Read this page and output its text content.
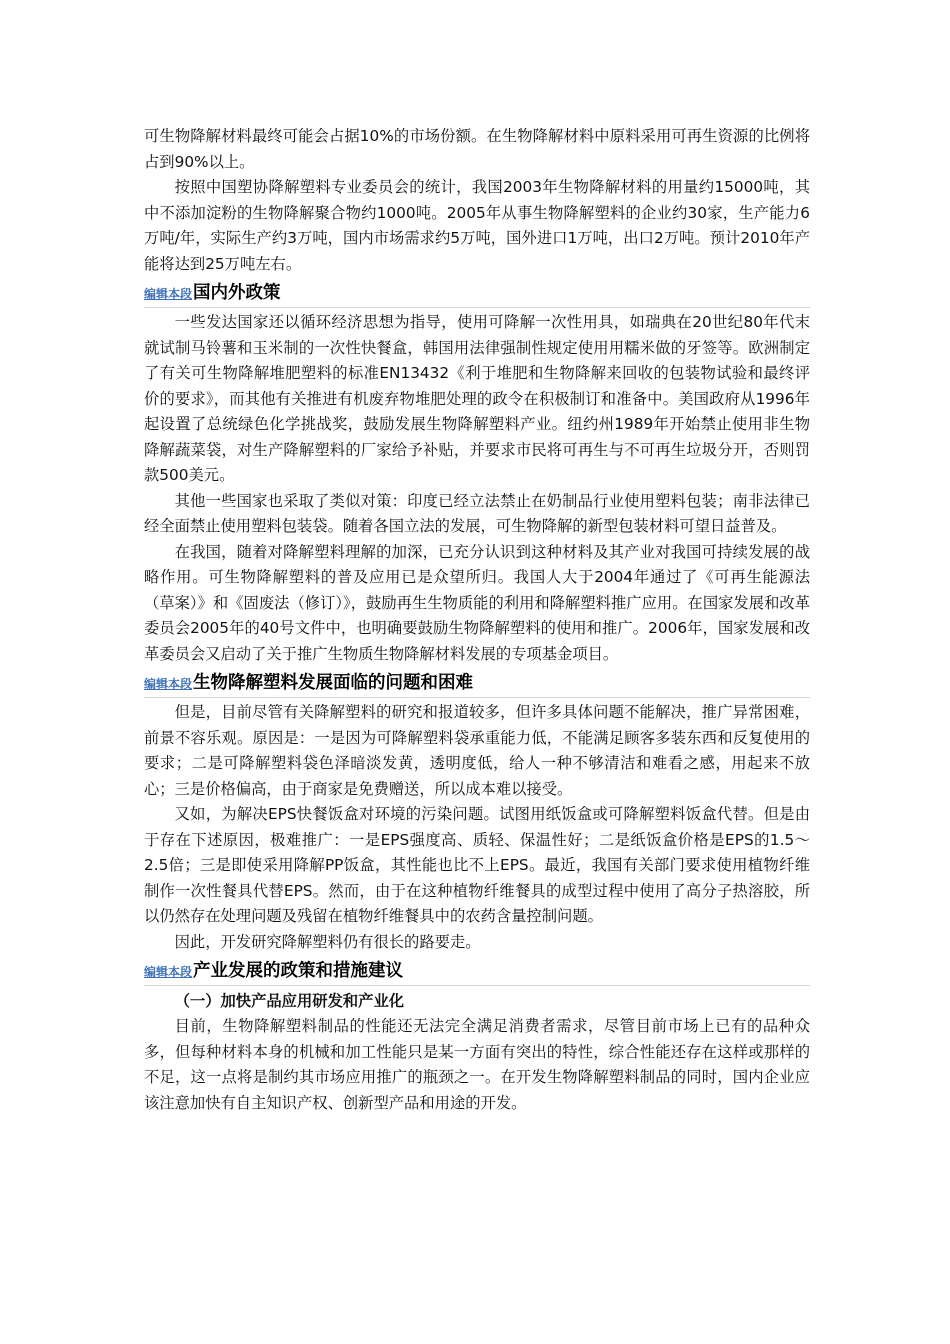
可生物降解材料最终可能会占据10%的市场份额。在生物降解材料中原料采用可再生资源的比例将占到90%以上。

按照中国塑协降解塑料专业委员会的统计，我国2003年生物降解材料的用量约15000吨，其中不添加淀粉的生物降解聚合物约1000吨。2005年从事生物降解塑料的企业约30家，生产能力6万吨/年，实际生产约3万吨，国内市场需求约5万吨，国外进口1万吨，出口2万吨。预计2010年产能将达到25万吨左右。

编辑本段 国内外政策

一些发达国家还以循环经济思想为指导，使用可降解一次性用具，如瑞典在20世纪80年代末就试制马铃薯和玉米制的一次性快餐盒，韩国用法律强制性规定使用用糯米做的牙签等。欧洲制定了有关可生物降解堆肥塑料的标准EN13432《利于堆肥和生物降解来回收的包装物试验和最终评价的要求》，而其他有关推进有机废弃物堆肥处理的政令在积极制订和准备中。美国政府从1996年起设置了总统绿色化学挑战奖，鼓励发展生物降解塑料产业。纽约州1989年开始禁止使用非生物降解蔬菜袋，对生产降解塑料的厂家给予补贴，并要求市民将可再生与不可再生垃圾分开，否则罚款500美元。

其他一些国家也采取了类似对策：印度已经立法禁止在奶制品行业使用塑料包装；南非法律已经全面禁止使用塑料包装袋。随着各国立法的发展，可生物降解的新型包装材料可望日益普及。

在我国，随着对降解塑料理解的加深，已充分认识到这种材料及其产业对我国可持续发展的战略作用。可生物降解塑料的普及应用已是众望所归。我国人大于2004年通过了《可再生能源法（草案）》和《固废法（修订）》，鼓励再生生物质能的利用和降解塑料推广应用。在国家发展和改革委员会2005年的40号文件中，也明确要鼓励生物降解塑料的使用和推广。2006年，国家发展和改革委员会又启动了关于推广生物质生物降解材料发展的专项基金项目。

编辑本段 生物降解塑料发展面临的问题和困难

但是，目前尽管有关降解塑料的研究和报道较多，但许多具体问题不能解决，推广异常困难，前景不容乐观。原因是：一是因为可降解塑料袋承重能力低，不能满足顾客多装东西和反复使用的要求；二是可降解塑料袋色泽暗淡发黄，透明度低，给人一种不够清洁和难看之感，用起来不放心；三是价格偏高，由于商家是免费赠送，所以成本难以接受。

又如，为解决EPS快餐饭盒对环境的污染问题。试图用纸饭盒或可降解塑料饭盒代替。但是由于存在下述原因，极难推广：一是EPS强度高、质轻、保温性好；二是纸饭盒价格是EPS的1.5～2.5倍；三是即使采用降解PP饭盒，其性能也比不上EPS。最近，我国有关部门要求使用植物纤维制作一次性餐具代替EPS。然而，由于在这种植物纤维餐具的成型过程中使用了高分子热溶胶，所以仍然存在处理问题及残留在植物纤维餐具中的农药含量控制问题。

因此，开发研究降解塑料仍有很长的路要走。

编辑本段 产业发展的政策和措施建议

（一）加快产品应用研发和产业化

目前，生物降解塑料制品的性能还无法完全满足消费者需求，尽管目前市场上已有的品种众多，但每种材料本身的机械和加工性能只是某一方面有突出的特性，综合性能还存在这样或那样的不足，这一点将是制约其市场应用推广的瓶颈之一。在开发生物降解塑料制品的同时，国内企业应该注意加快有自主知识产权、创新型产品和用途的开发。
